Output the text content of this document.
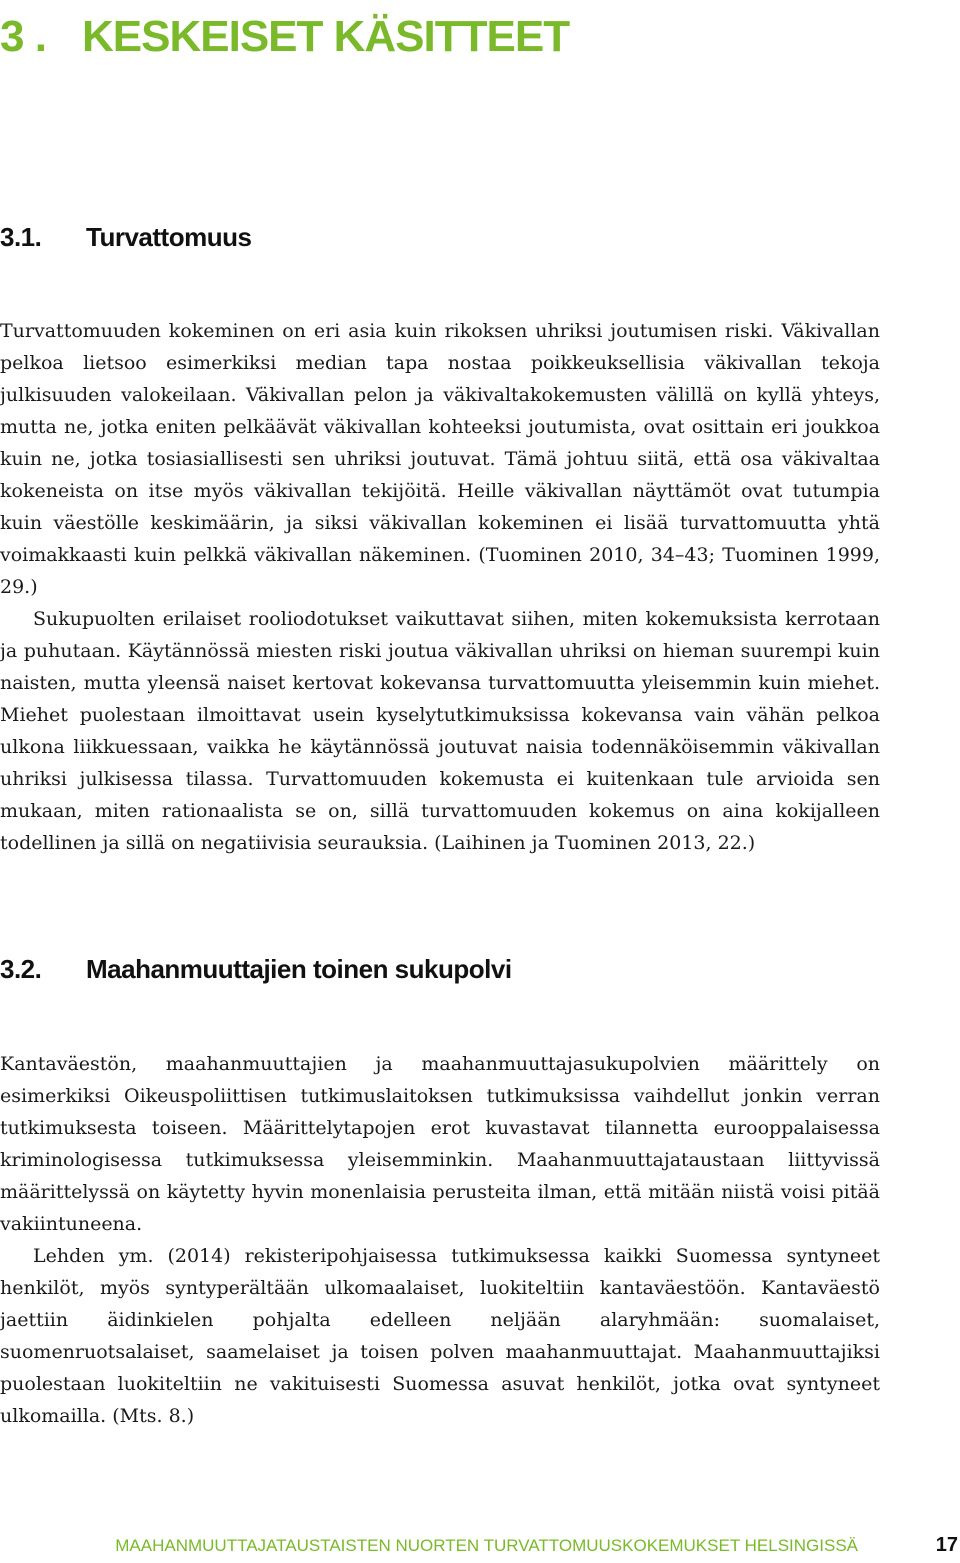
3 . KESKEISET KÄSITTEET
3.1. Turvattomuus

Turvattomuuden kokeminen on eri asia kuin rikoksen uhriksi joutumisen riski. Väkivallan pelkoa lietsoo esimerkiksi median tapa nostaa poikkeuksellisia väkivallan tekoja julkisuuden valokeilaan. Väkivallan pelon ja väkivaltakokemusten välillä on kyllä yhteys, mutta ne, jotka eniten pelkäävät väkivallan kohteeksi joutumista, ovat osittain eri joukkoa kuin ne, jotka tosiasiallisesti sen uhriksi joutuvat. Tämä johtuu siitä, että osa väkivaltaa kokeneista on itse myös väkivallan tekijöitä. Heille väkivallan näyttämöt ovat tutumpia kuin väestölle keskimäärin, ja siksi väkivallan kokeminen ei lisää turvattomuutta yhtä voimakkaasti kuin pelkkä väkivallan näkeminen. (Tuominen 2010, 34–43; Tuominen 1999, 29.)

Sukupuolten erilaiset rooliodotukset vaikuttavat siihen, miten kokemuksista kerrotaan ja puhutaan. Käytännössä miesten riski joutua väkivallan uhriksi on hieman suurempi kuin naisten, mutta yleensä naiset kertovat kokevansa turvattomuutta yleisemmin kuin miehet. Miehet puolestaan ilmoittavat usein kyselytutkimuksissa kokevansa vain vähän pelkoa ulkona liikkuessaan, vaikka he käytännössä joutuvat naisia todennäköisemmin väkivallan uhriksi julkisessa tilassa. Turvattomuuden kokemusta ei kuitenkaan tule arvioida sen mukaan, miten rationaalista se on, sillä turvattomuuden kokemus on aina kokijalleen todellinen ja sillä on negatiivisia seurauksia. (Laihinen ja Tuominen 2013, 22.)

3.2. Maahanmuuttajien toinen sukupolvi

Kantaväestön, maahanmuuttajien ja maahanmuuttajasukupolvien määrittely on esimerkiksi Oikeuspoliittisen tutkimuslaitoksen tutkimuksissa vaihdellut jonkin verran tutkimuksesta toiseen. Määrittelytapojen erot kuvastavat tilannetta eurooppalaisessa kriminologisessa tutkimuksessa yleisemminkin. Maahanmuuttajataustaan liittyvissä määrittelyssä on käytetty hyvin monenlaisia perusteita ilman, että mitään niistä voisi pitää vakiintuneena.

Lehden ym. (2014) rekisteripohjaisessa tutkimuksessa kaikki Suomessa syntyneet henkilöt, myös syntyperältään ulkomaalaiset, luokiteltiin kantaväestöön. Kantaväestö jaettiin äidinkielen pohjalta edelleen neljään alaryhmään: suomalaiset, suomenruotsalaiset, saamelaiset ja toisen polven maahanmuuttajat. Maahanmuuttajiksi puolestaan luokiteltiin ne vakituisesti Suomessa asuvat henkilöt, jotka ovat syntyneet ulkomailla. (Mts. 8.)

MAAHANMUUTTAJATAUSTAISTEN NUORTEN TURVATTOMUUSKOKEMUKSET HELSINGISSÄ	17
